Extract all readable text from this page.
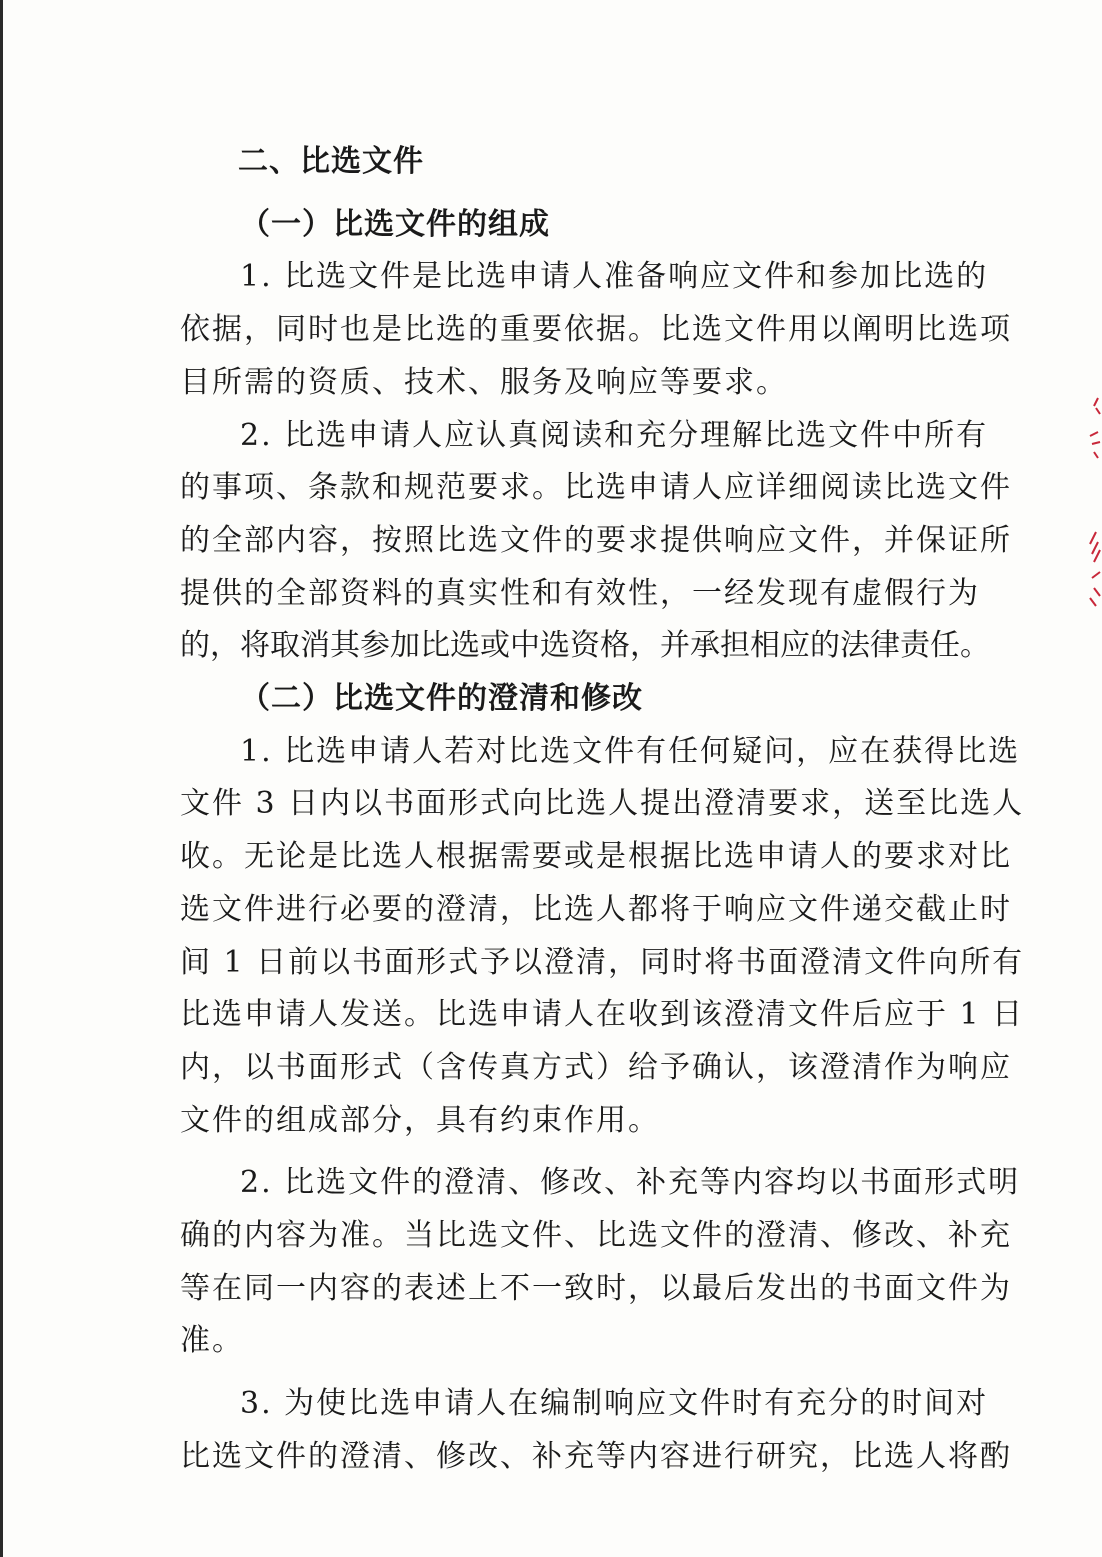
二、比选文件
（一）比选文件的组成
1. 比选文件是比选申请人准备响应文件和参加比选的
依据，同时也是比选的重要依据。比选文件用以阐明比选项
目所需的资质、技术、服务及响应等要求。
2. 比选申请人应认真阅读和充分理解比选文件中所有
的事项、条款和规范要求。比选申请人应详细阅读比选文件
的全部内容，按照比选文件的要求提供响应文件，并保证所
提供的全部资料的真实性和有效性，一经发现有虚假行为
的，将取消其参加比选或中选资格，并承担相应的法律责任。
（二）比选文件的澄清和修改
1. 比选申请人若对比选文件有任何疑问，应在获得比选
文件 3 日内以书面形式向比选人提出澄清要求，送至比选人
收。无论是比选人根据需要或是根据比选申请人的要求对比
选文件进行必要的澄清，比选人都将于响应文件递交截止时
间 1 日前以书面形式予以澄清，同时将书面澄清文件向所有
比选申请人发送。比选申请人在收到该澄清文件后应于 1 日
内，以书面形式（含传真方式）给予确认，该澄清作为响应
文件的组成部分，具有约束作用。
2. 比选文件的澄清、修改、补充等内容均以书面形式明
确的内容为准。当比选文件、比选文件的澄清、修改、补充
等在同一内容的表述上不一致时，以最后发出的书面文件为
准。
3. 为使比选申请人在编制响应文件时有充分的时间对
比选文件的澄清、修改、补充等内容进行研究，比选人将酌
